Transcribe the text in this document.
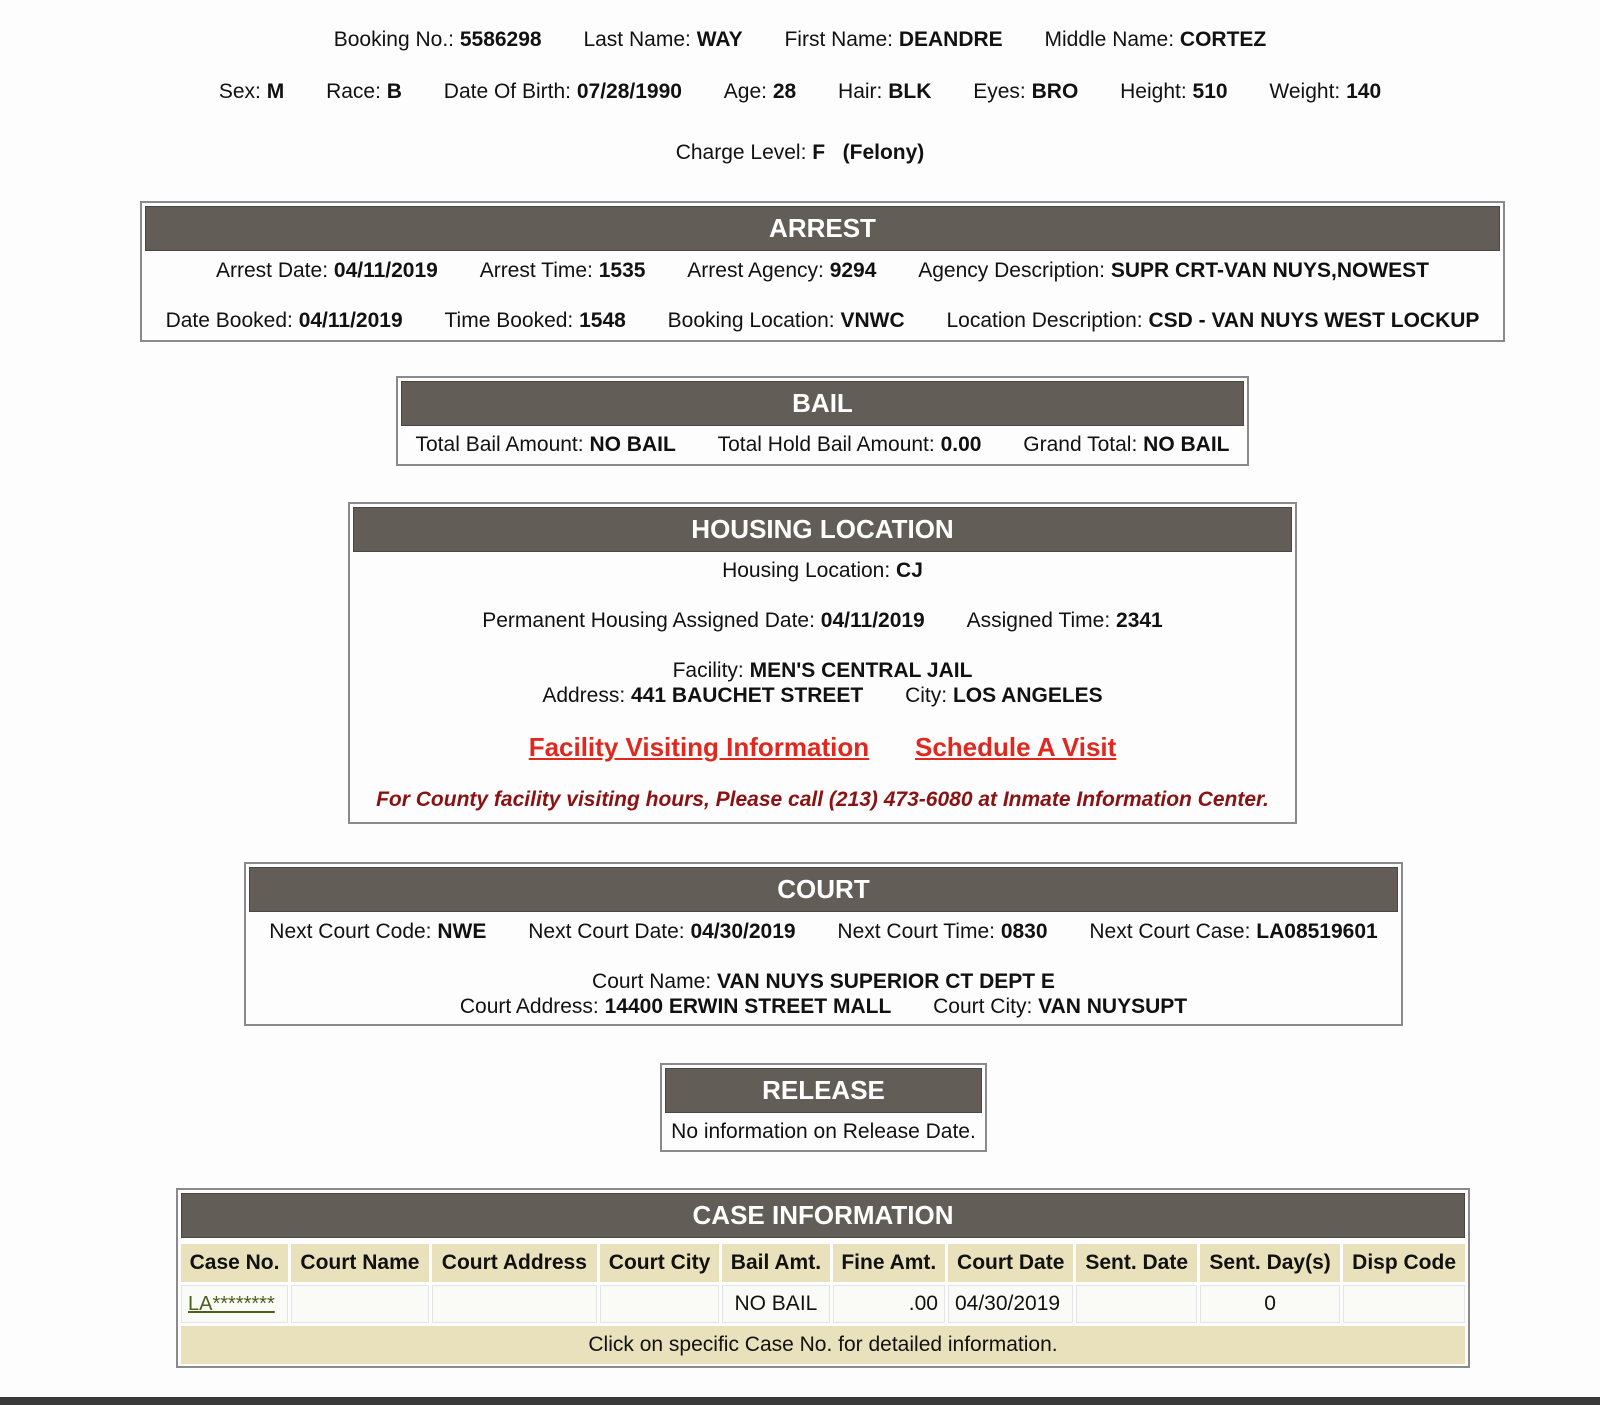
Booking No.: 5586298 Last Name: WAY First Name: DEANDRE Middle Name: CORTEZ
Sex: M Race: B Date Of Birth: 07/28/1990 Age: 28 Hair: BLK Eyes: BRO Height: 510 Weight: 140
Charge Level: F (Felony)
ARREST
Arrest Date: 04/11/2019 Arrest Time: 1535 Arrest Agency: 9294 Agency Description: SUPR CRT-VAN NUYS,NOWEST
Date Booked: 04/11/2019 Time Booked: 1548 Booking Location: VNWC Location Description: CSD - VAN NUYS WEST LOCKUP
BAIL
Total Bail Amount: NO BAIL Total Hold Bail Amount: 0.00 Grand Total: NO BAIL
HOUSING LOCATION
Housing Location: CJ
Permanent Housing Assigned Date: 04/11/2019 Assigned Time: 2341
Facility: MEN'S CENTRAL JAIL
Address: 441 BAUCHET STREET City: LOS ANGELES
Facility Visiting Information Schedule A Visit
For County facility visiting hours, Please call (213) 473-6080 at Inmate Information Center.
COURT
Next Court Code: NWE Next Court Date: 04/30/2019 Next Court Time: 0830 Next Court Case: LA08519601
Court Name: VAN NUYS SUPERIOR CT DEPT E
Court Address: 14400 ERWIN STREET MALL Court City: VAN NUYSUPT
RELEASE
No information on Release Date.
CASE INFORMATION
Case No.	Court Name	Court Address	Court City	Bail Amt.	Fine Amt.	Court Date	Sent. Date	Sent. Day(s)	Disp Code
LA********				NO BAIL	.00	04/30/2019		0	
Click on specific Case No. for detailed information.									
